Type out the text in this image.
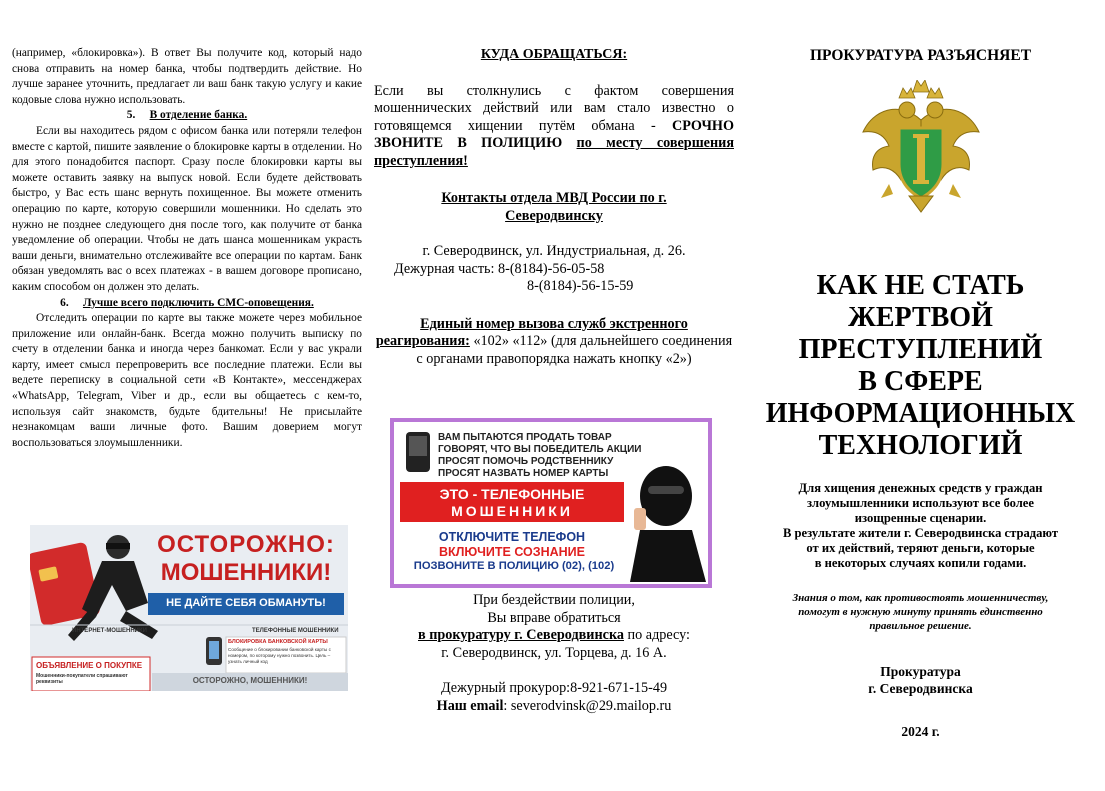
(например, «блокировка»). В ответ Вы получите код, который надо снова отправить на номер банка, чтобы подтвердить действие. Но лучше заранее уточнить, предлагает ли ваш банк такую услугу и какие кодовые слова нужно использовать.

5. В отделение банка.

Если вы находитесь рядом с офисом банка или потеряли телефон вместе с картой, пишите заявление о блокировке карты в отделении. Но для этого понадобится паспорт. Сразу после блокировки карты вы можете оставить заявку на выпуск новой. Если будете действовать быстро, у Вас есть шанс вернуть похищенное. Вы можете отменить операцию по карте, которую совершили мошенники. Но сделать это нужно не позднее следующего дня после того, как получите от банка уведомление об операции. Чтобы не дать шанса мошенникам украсть ваши деньги, внимательно отслеживайте все операции по картам. Банк обязан уведомлять вас о всех платежах - в вашем договоре прописано, каким способом он должен это делать.

6. Лучше всего подключить СМС-оповещения.

Отследить операции по карте вы также можете через мобильное приложение или онлайн-банк. Всегда можно получить выписку по счету в отделении банка и иногда через банкомат. Если у вас украли карту, имеет смысл перепроверить все последние платежи. Если вы ведете переписку в социальной сети «В Контакте», мессенджерах «WhatsApp, Telegram, Viber и др., если вы общаетесь с кем-то, используя сайт знакомств, будьте бдительны! Не присылайте незнакомцам ваши личные фото. Вашим доверием могут воспользоваться злоумышленники.

ОСТОРОЖНО:
МОШЕННИКИ!
НЕ ДАЙТЕ СЕБЯ ОБМАНУТЬ!
ИНТЕРНЕТ-МОШЕННИКИ	ТЕЛЕФОННЫЕ МОШЕННИКИ
ОБЪЯВЛЕНИЕ О ПОКУПКЕ
Мошенники-покупатели спрашивают реквизиты
БЛОКИРОВКА БАНКОВСКОЙ КАРТЫ
Сообщение о блокировании банковской карты с номером, по которому нужно позвонить. Цель – узнать личный код
ОСТОРОЖНО, МОШЕННИКИ!

КУДА ОБРАЩАТЬСЯ:

Если вы столкнулись с фактом совершения мошеннических действий или вам стало известно о готовящемся хищении путём обмана - СРОЧНО ЗВОНИТЕ В ПОЛИЦИЮ по месту совершения преступления!

Контакты отдела МВД России по г. Северодвинску

г. Северодвинск, ул. Индустриальная, д. 26.

Дежурная часть: 8-(8184)-56-05-58

8-(8184)-56-15-59

Единый номер вызова служб экстренного реагирования: «102» «112» (для дальнейшего соединения с органами правопорядка нажать кнопку «2»)

ВАМ ПЫТАЮТСЯ ПРОДАТЬ ТОВАР
ГОВОРЯТ, ЧТО ВЫ ПОБЕДИТЕЛЬ АКЦИИ
ПРОСЯТ ПОМОЧЬ РОДСТВЕННИКУ
ПРОСЯТ НАЗВАТЬ НОМЕР КАРТЫ
ЭТО - ТЕЛЕФОННЫЕ
МОШЕННИКИ
ОТКЛЮЧИТЕ ТЕЛЕФОН
ВКЛЮЧИТЕ СОЗНАНИЕ
ПОЗВОНИТЕ В ПОЛИЦИЮ (02), (102)

При бездействии полиции,

Вы вправе обратиться

в прокуратуру г. Северодвинска по адресу:

г. Северодвинск, ул. Торцева, д. 16 А.

Дежурный прокурор:8-921-671-15-49

Наш email: severodvinsk@29.mailop.ru

ПРОКУРАТУРА РАЗЪЯСНЯЕТ
КАК НЕ СТАТЬ
ЖЕРТВОЙ
ПРЕСТУПЛЕНИЙ
В СФЕРЕ
ИНФОРМАЦИОННЫХ
ТЕХНОЛОГИЙ
Для хищения денежных средств у граждан
злоумышленники используют все более
изощренные сценарии.
В результате жители г. Северодвинска страдают
от их действий, теряют деньги, которые
в некоторых случаях копили годами.
Знания о том, как противостоять мошенничеству,
помогут в нужную минуту принять единственно
правильное решение.
Прокуратура
г. Северодвинска
2024 г.
